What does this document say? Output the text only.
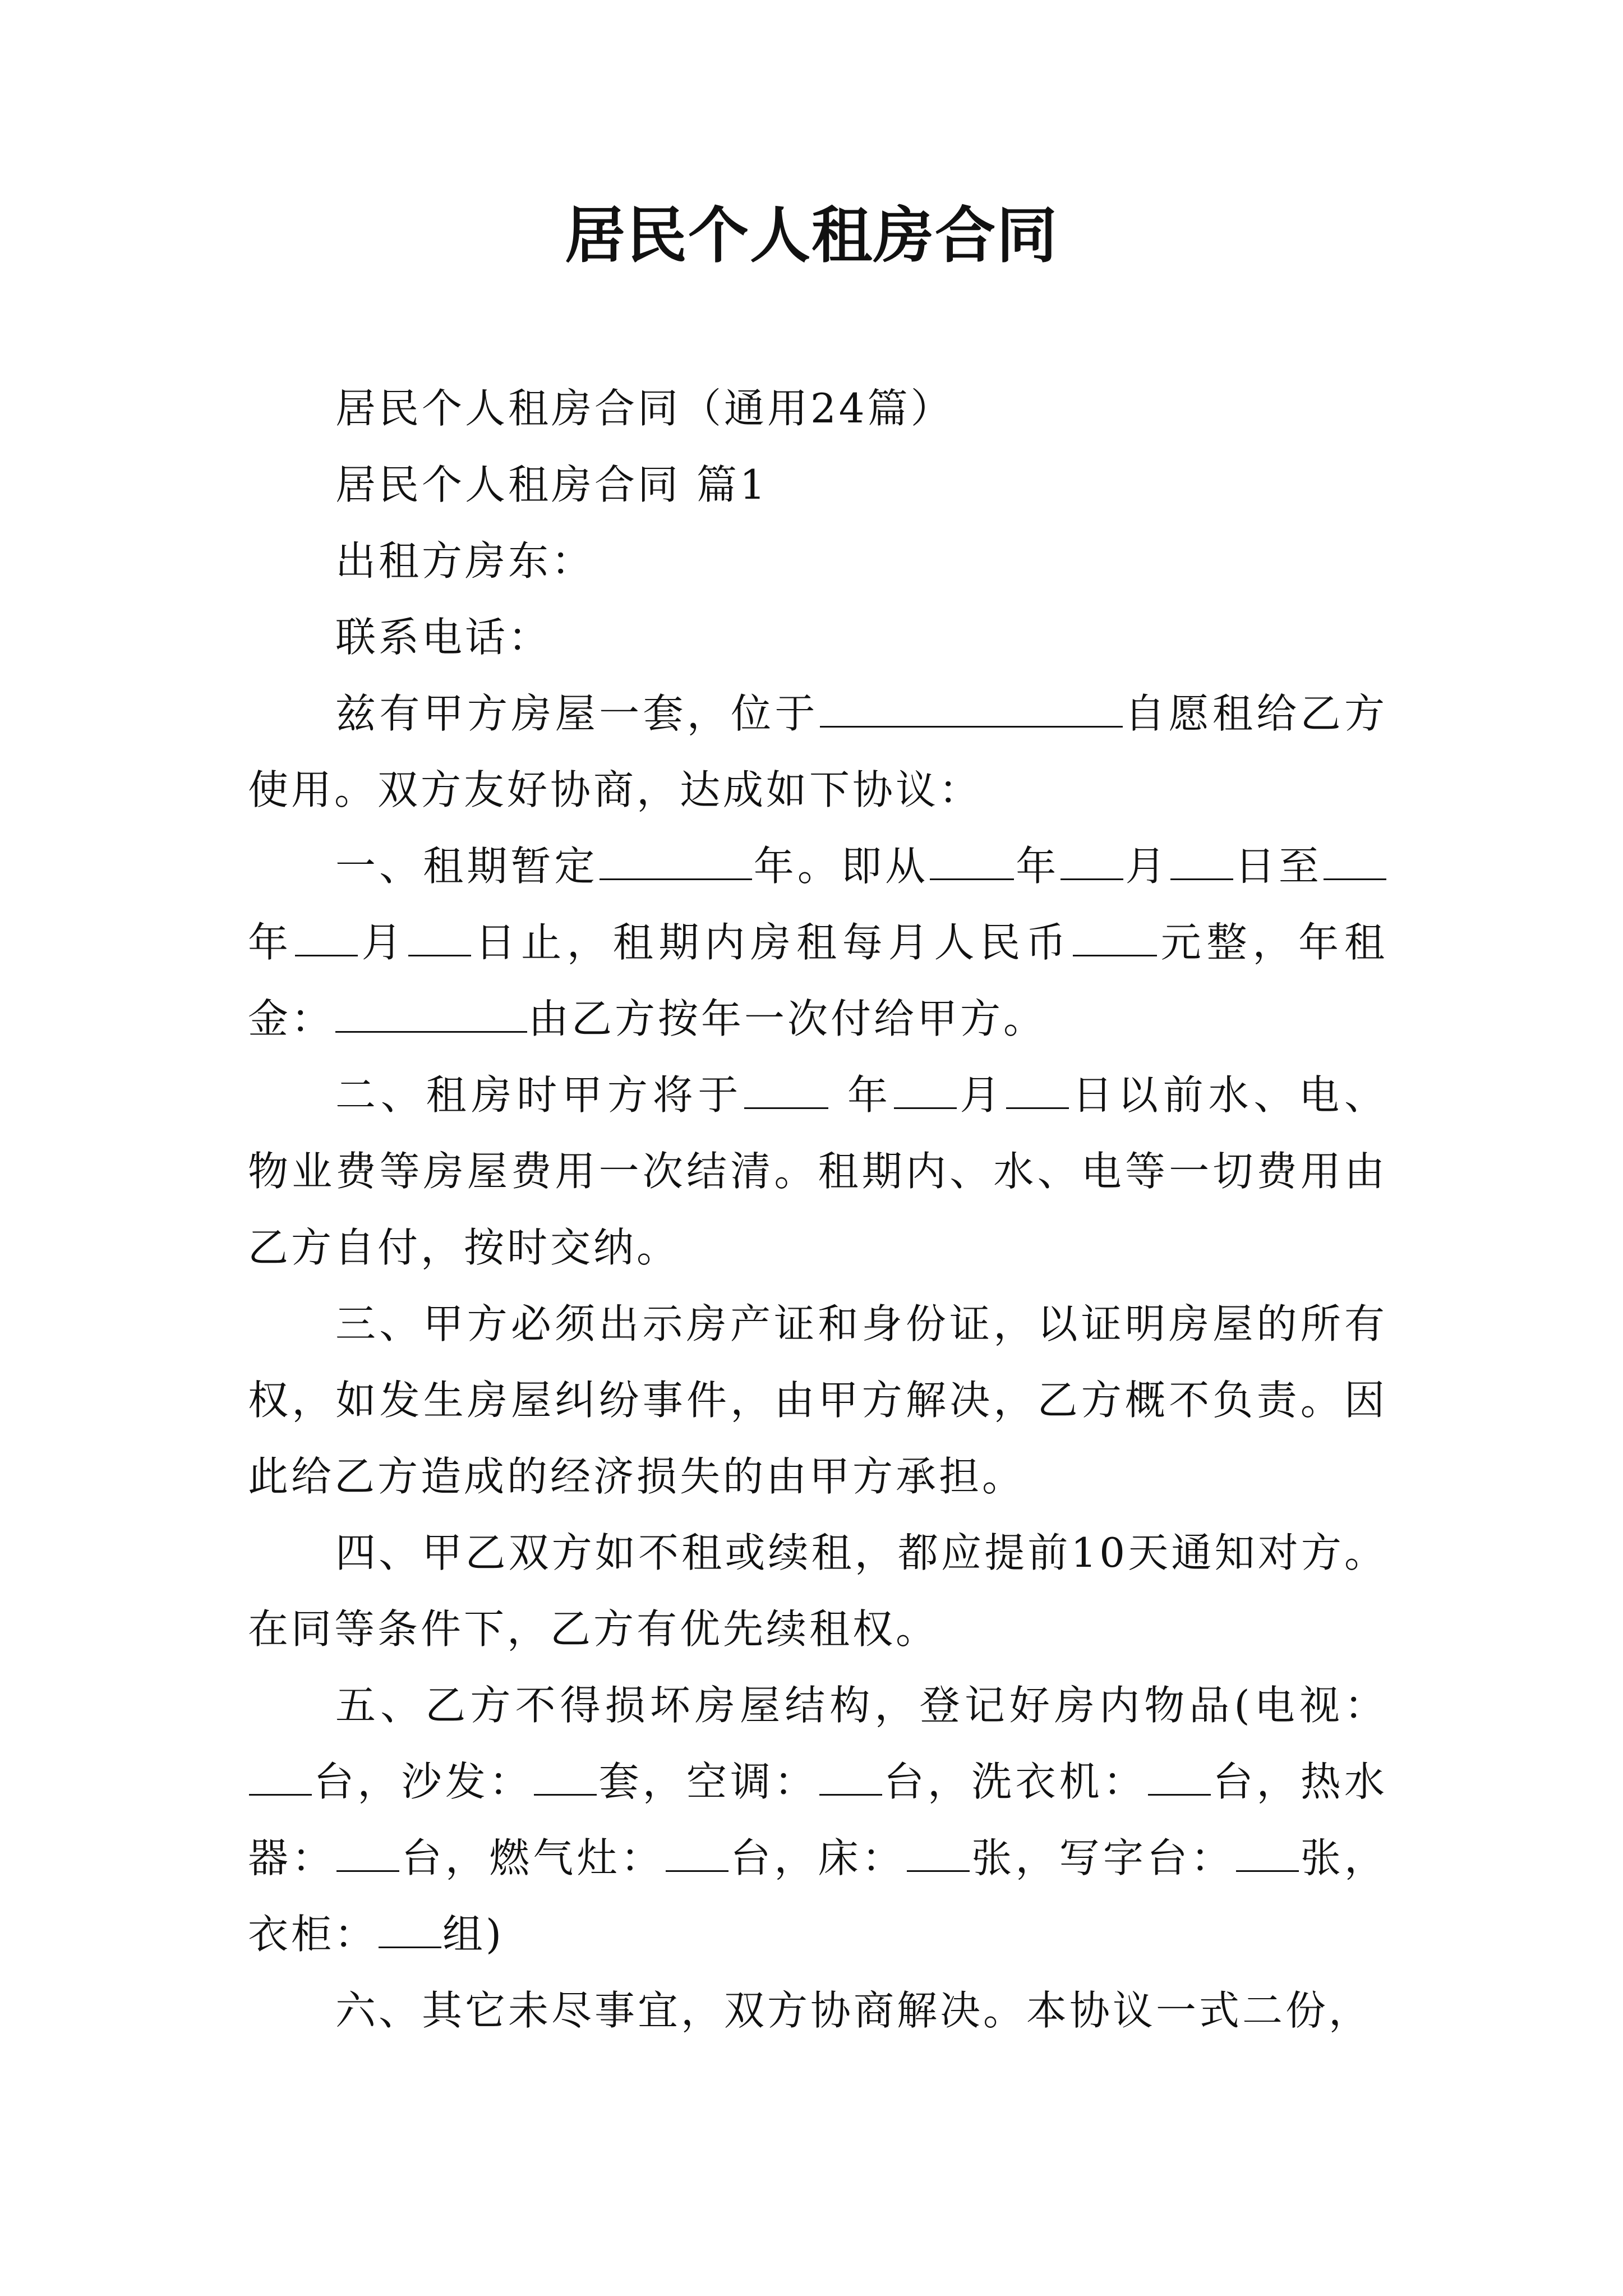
居民个人租房合同

居民个人租房合同（通用24篇）

居民个人租房合同 篇1

出租方房东：

联系电话：

兹有甲方房屋一套，位于	自愿租给乙方使用。双方友好协商，达成如下协议：

一、租期暂定	年。即从 年 月 日至年 月 日止，租期内房租每月人民币 元整，年租金：	由乙方按年一次付给甲方。

二、租房时甲方将于	年 月 日以前水、电、物业费等房屋费用一次结清。租期内、水、电等一切费用由乙方自付，按时交纳。

三、甲方必须出示房产证和身份证，以证明房屋的所有权，如发生房屋纠纷事件，由甲方解决，乙方概不负责。因此给乙方造成的经济损失的由甲方承担。

四、甲乙双方如不租或续租，都应提前10天通知对方。在同等条件下，乙方有优先续租权。

五、乙方不得损坏房屋结构，登记好房内物品(电视：台，沙发： 套，空调： 台，洗衣机： 台，热水器： 台，燃气灶： 台，床： 张，写字台： 张，衣柜： 组)

六、其它未尽事宜，双方协商解决。本协议一式二份，
